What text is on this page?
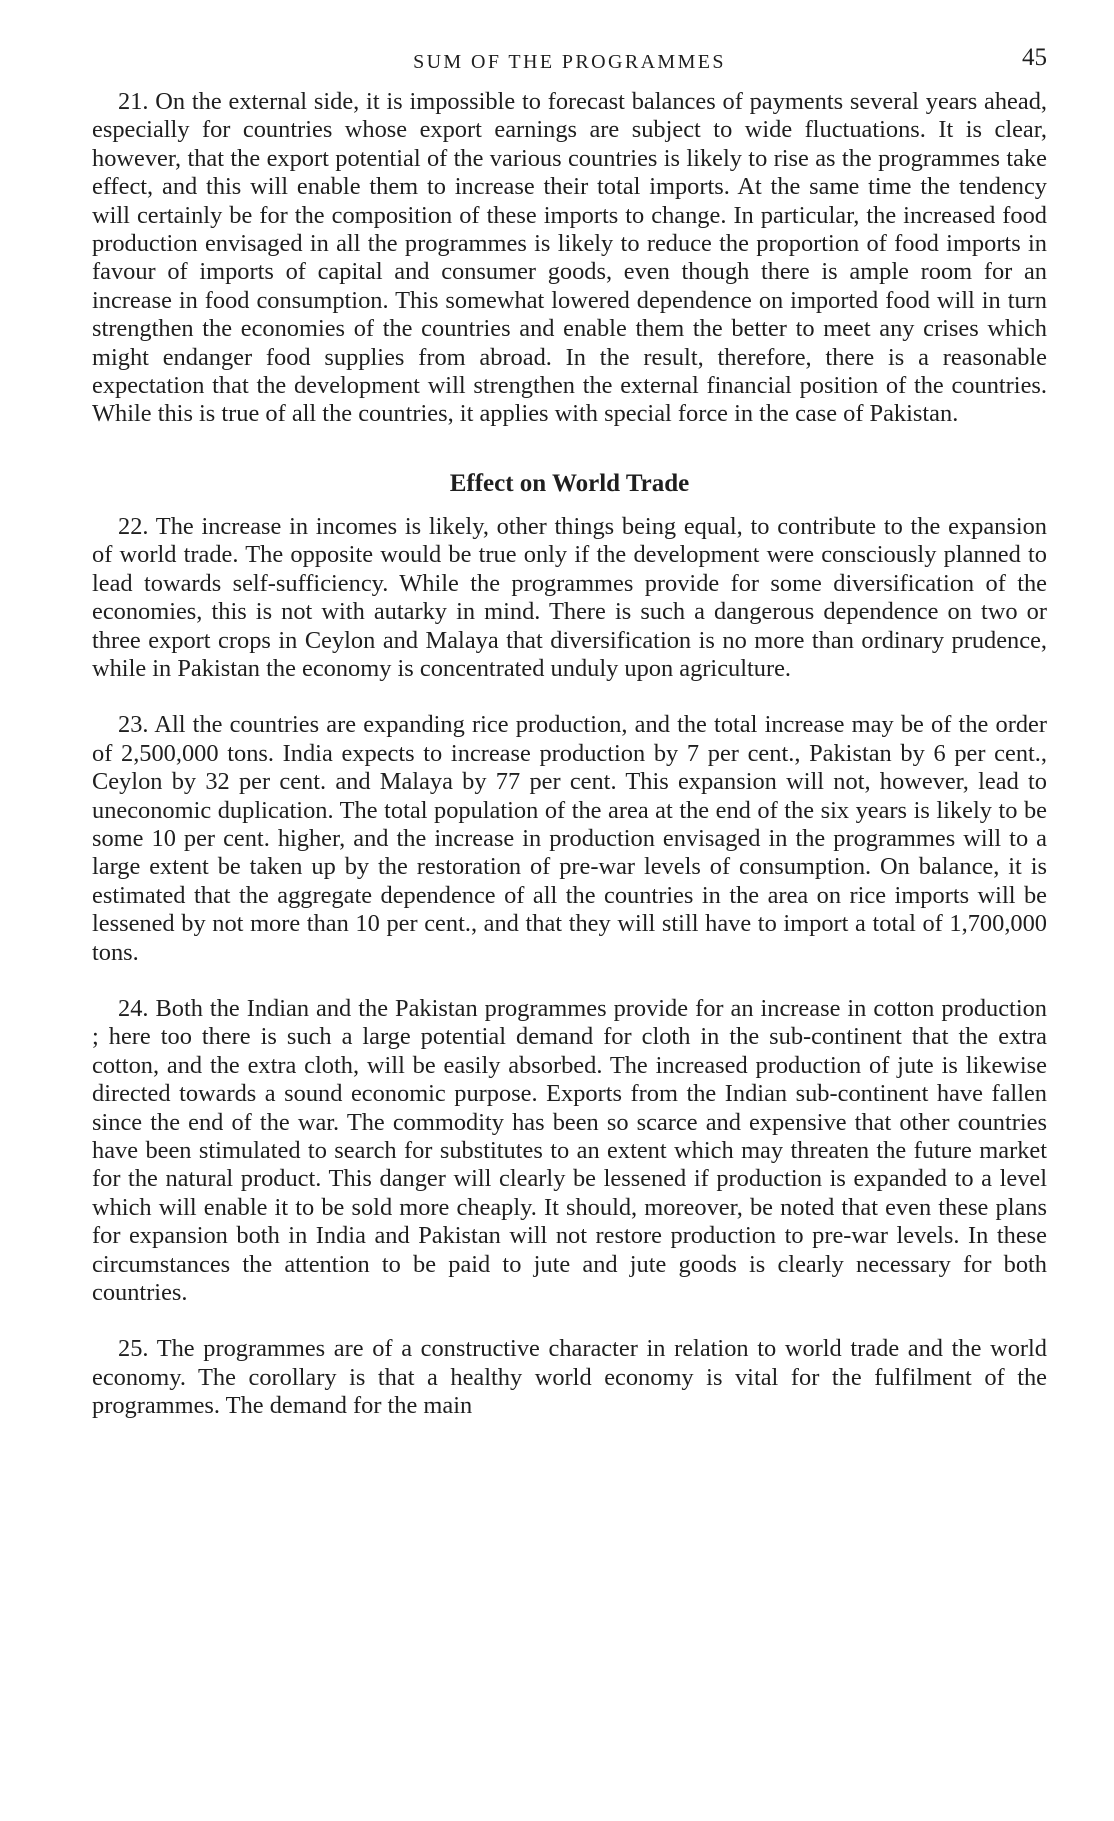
SUM OF THE PROGRAMMES	45

21. On the external side, it is impossible to forecast balances of payments several years ahead, especially for countries whose export earnings are subject to wide fluctuations. It is clear, however, that the export potential of the various countries is likely to rise as the programmes take effect, and this will enable them to increase their total imports. At the same time the tendency will certainly be for the composition of these imports to change. In particular, the increased food production envisaged in all the programmes is likely to reduce the proportion of food imports in favour of imports of capital and consumer goods, even though there is ample room for an increase in food consumption. This somewhat lowered dependence on imported food will in turn strengthen the economies of the countries and enable them the better to meet any crises which might endanger food supplies from abroad. In the result, therefore, there is a reasonable expectation that the development will strengthen the external financial position of the countries. While this is true of all the countries, it applies with special force in the case of Pakistan.

Effect on World Trade

22. The increase in incomes is likely, other things being equal, to contribute to the expansion of world trade. The opposite would be true only if the development were consciously planned to lead towards self-sufficiency. While the programmes provide for some diversification of the economies, this is not with autarky in mind. There is such a dangerous dependence on two or three export crops in Ceylon and Malaya that diversification is no more than ordinary prudence, while in Pakistan the economy is concentrated unduly upon agriculture.

23. All the countries are expanding rice production, and the total increase may be of the order of 2,500,000 tons. India expects to increase production by 7 per cent., Pakistan by 6 per cent., Ceylon by 32 per cent. and Malaya by 77 per cent. This expansion will not, however, lead to uneconomic duplication. The total population of the area at the end of the six years is likely to be some 10 per cent. higher, and the increase in production envisaged in the programmes will to a large extent be taken up by the restoration of pre-war levels of consumption. On balance, it is estimated that the aggregate dependence of all the countries in the area on rice imports will be lessened by not more than 10 per cent., and that they will still have to import a total of 1,700,000 tons.

24. Both the Indian and the Pakistan programmes provide for an increase in cotton production ; here too there is such a large potential demand for cloth in the sub-continent that the extra cotton, and the extra cloth, will be easily absorbed. The increased production of jute is likewise directed towards a sound economic purpose. Exports from the Indian sub-continent have fallen since the end of the war. The commodity has been so scarce and expensive that other countries have been stimulated to search for substitutes to an extent which may threaten the future market for the natural product. This danger will clearly be lessened if production is expanded to a level which will enable it to be sold more cheaply. It should, moreover, be noted that even these plans for expansion both in India and Pakistan will not restore production to pre-war levels. In these circumstances the attention to be paid to jute and jute goods is clearly necessary for both countries.

25. The programmes are of a constructive character in relation to world trade and the world economy. The corollary is that a healthy world economy is vital for the fulfilment of the programmes. The demand for the main
